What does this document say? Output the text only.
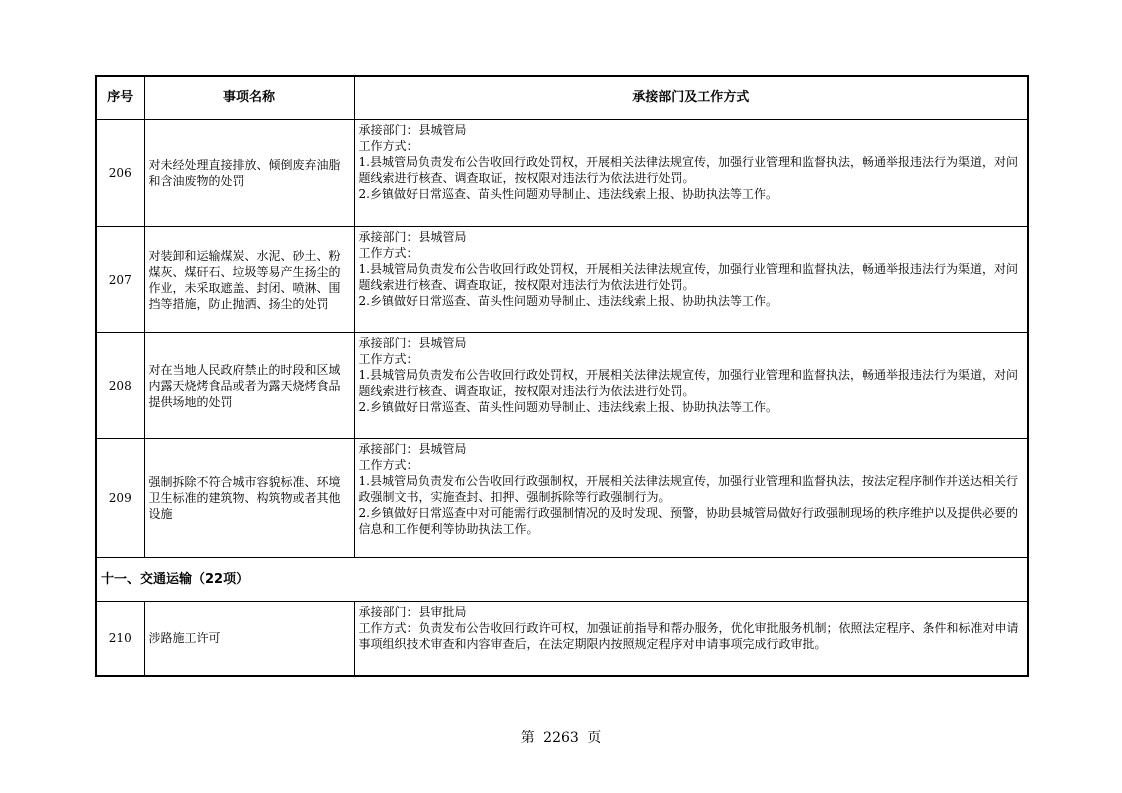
序号	事项名称	承接部门及工作方式
206	对未经处理直接排放、倾倒废弃油脂和含油废物的处罚	承接部门：县城管局
工作方式：
1.县城管局负责发布公告收回行政处罚权，开展相关法律法规宣传，加强行业管理和监督执法，畅通举报违法行为渠道，对问题线索进行核查、调查取证，按权限对违法行为依法进行处罚。
2.乡镇做好日常巡查、苗头性问题劝导制止、违法线索上报、协助执法等工作。

207	对装卸和运输煤炭、水泥、砂土、粉煤灰、煤矸石、垃圾等易产生扬尘的作业，未采取遮盖、封闭、喷淋、围挡等措施，防止抛洒、扬尘的处罚	承接部门：县城管局
工作方式：
1.县城管局负责发布公告收回行政处罚权，开展相关法律法规宣传，加强行业管理和监督执法，畅通举报违法行为渠道，对问题线索进行核查、调查取证，按权限对违法行为依法进行处罚。
2.乡镇做好日常巡查、苗头性问题劝导制止、违法线索上报、协助执法等工作。

208	对在当地人民政府禁止的时段和区域内露天烧烤食品或者为露天烧烤食品提供场地的处罚	承接部门：县城管局
工作方式：
1.县城管局负责发布公告收回行政处罚权，开展相关法律法规宣传，加强行业管理和监督执法，畅通举报违法行为渠道，对问题线索进行核查、调查取证，按权限对违法行为依法进行处罚。
2.乡镇做好日常巡查、苗头性问题劝导制止、违法线索上报、协助执法等工作。

209	强制拆除不符合城市容貌标准、环境卫生标准的建筑物、构筑物或者其他设施	承接部门：县城管局
工作方式：
1.县城管局负责发布公告收回行政强制权，开展相关法律法规宣传，加强行业管理和监督执法，按法定程序制作并送达相关行政强制文书，实施查封、扣押、强制拆除等行政强制行为。
2.乡镇做好日常巡查中对可能需行政强制情况的及时发现、预警，协助县城管局做好行政强制现场的秩序维护以及提供必要的信息和工作便利等协助执法工作。

十一、交通运输（22项）		
210	涉路施工许可	承接部门：县审批局
工作方式：负责发布公告收回行政许可权，加强证前指导和帮办服务，优化审批服务机制；依照法定程序、条件和标准对申请事项组织技术审查和内容审查后，在法定期限内按照规定程序对申请事项完成行政审批。
第 2263 页
